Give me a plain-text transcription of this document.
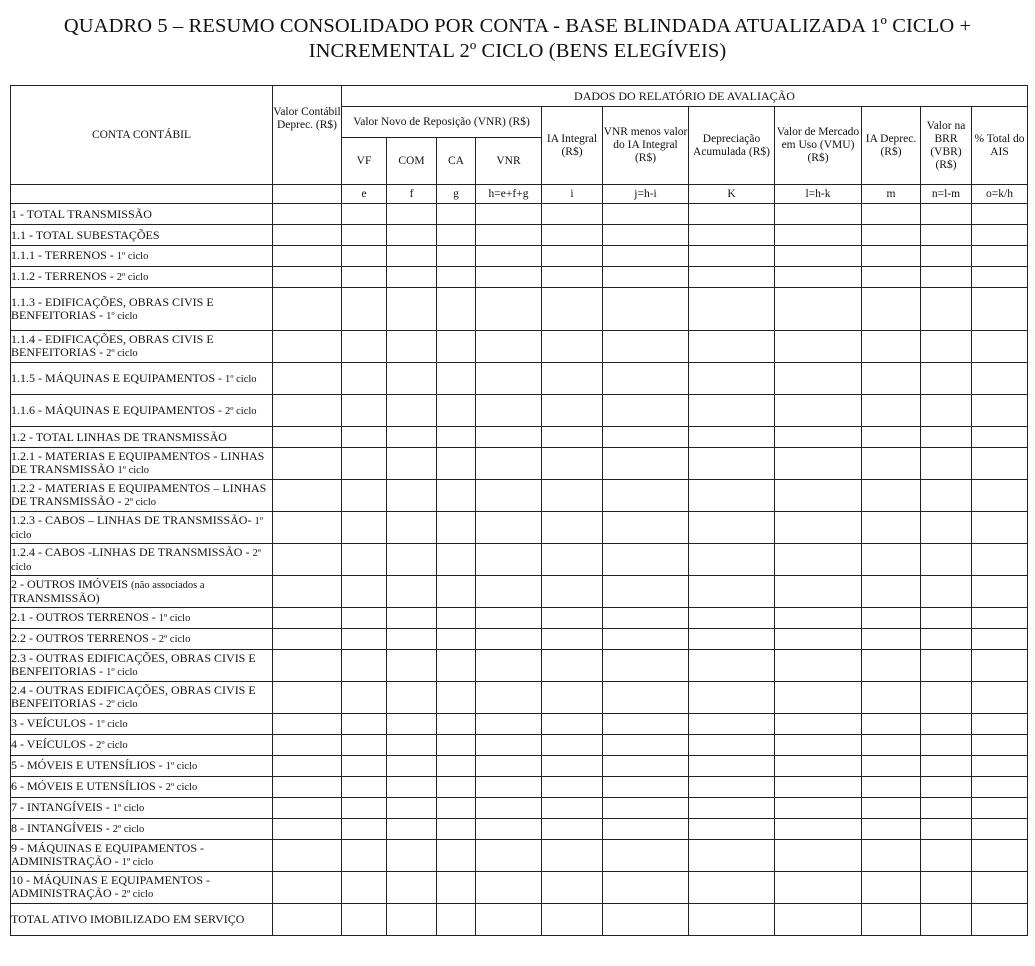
QUADRO 5 – RESUMO CONSOLIDADO POR CONTA - BASE BLINDADA ATUALIZADA 1º CICLO +
INCREMENTAL 2º CICLO (BENS ELEGÍVEIS)
CONTA CONTÁBIL	Valor Contábil Deprec. (R$)	DADOS DO RELATÓRIO DE AVALIAÇÃO										
		Valor Novo de Reposição (VNR) (R$)				IA Integral (R$)	VNR menos valor do IA Integral (R$)	Depreciação Acumulada (R$)	Valor de Mercado em Uso (VMU) (R$)	IA Deprec. (R$)	Valor na BRR (VBR) (R$)	% Total do AIS
		VF	COM	CA	VNR							
		e	f	g	h=e+f+g	i	j=h-i	K	l=h-k	m	n=l-m	o=k/h
1 - TOTAL TRANSMISSÃO												
1.1 - TOTAL SUBESTAÇÕES												
1.1.1 - TERRENOS - 1º ciclo												
1.1.2 - TERRENOS - 2º ciclo												
1.1.3 - EDIFICAÇÕES, OBRAS CIVIS E BENFEITORIAS - 1º ciclo												
1.1.4 - EDIFICAÇÕES, OBRAS CIVIS E BENFEITORIAS - 2º ciclo												
1.1.5 - MÁQUINAS E EQUIPAMENTOS - 1º ciclo												
1.1.6 - MÁQUINAS E EQUIPAMENTOS - 2º ciclo												
1.2 - TOTAL LINHAS DE TRANSMISSÃO												
1.2.1 - MATERIAS E EQUIPAMENTOS - LINHAS DE TRANSMISSÃO 1º ciclo												
1.2.2 - MATERIAS E EQUIPAMENTOS – LINHAS DE TRANSMISSÃO - 2º ciclo												
1.2.3 - CABOS – LINHAS DE TRANSMISSÃO- 1º ciclo												
1.2.4 - CABOS -LINHAS DE TRANSMISSÃO - 2º ciclo												
2 - OUTROS IMÓVEIS (não associados a TRANSMISSÃO)												
2.1 - OUTROS TERRENOS - 1º ciclo												
2.2 - OUTROS TERRENOS - 2º ciclo												
2.3 - OUTRAS EDIFICAÇÕES, OBRAS CIVIS E BENFEITORIAS - 1º ciclo												
2.4 - OUTRAS EDIFICAÇÕES, OBRAS CIVIS E BENFEITORIAS - 2º ciclo												
3 - VEÍCULOS - 1º ciclo												
4 - VEÍCULOS - 2º ciclo												
5 - MÓVEIS E UTENSÍLIOS - 1º ciclo												
6 - MÓVEIS E UTENSÍLIOS - 2º ciclo												
7 - INTANGÍVEIS - 1º ciclo												
8 - INTANGÍVEIS - 2º ciclo												
9 - MÁQUINAS E EQUIPAMENTOS - ADMINISTRAÇÃO - 1º ciclo												
10 - MÁQUINAS E EQUIPAMENTOS - ADMINISTRAÇÃO - 2º ciclo												
TOTAL ATIVO IMOBILIZADO EM SERVIÇO												
